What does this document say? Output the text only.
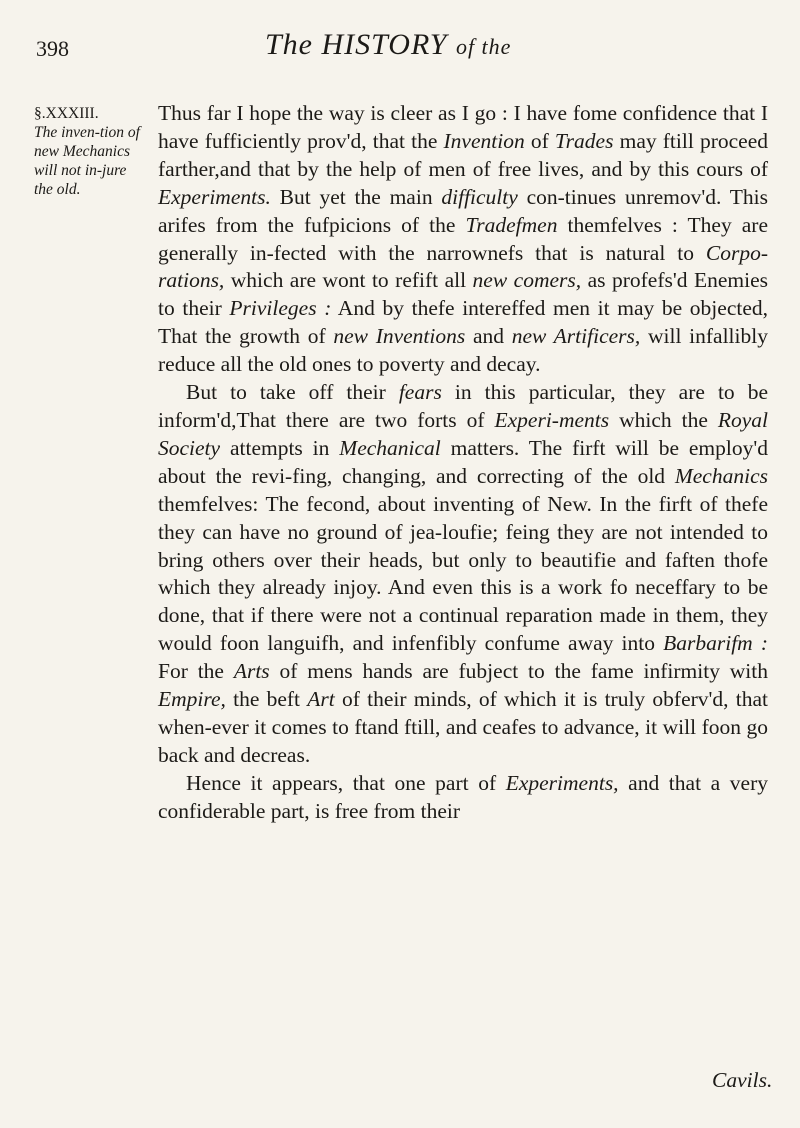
398	The HISTORY of the
§.XXXIII.
The inven-tion of new Mechanics will not in-jure the old.

Thus far I hope the way is cleer as I go : I have fome confidence that I have fufficiently prov'd, that the Invention of Trades may ftill proceed farther,and that by the help of men of free lives, and by this cours of Experiments. But yet the main difficulty con-tinues unremov'd. This arifes from the fufpicions of the Tradefmen themfelves : They are generally in-fected with the narrownefs that is natural to Corpo-rations, which are wont to refift all new comers, as profefs'd Enemies to their Privileges : And by thefe intereffed men it may be objected, That the growth of new Inventions and new Artificers, will infallibly reduce all the old ones to poverty and decay.

But to take off their fears in this particular, they are to be inform'd,That there are two forts of Experi-ments which the Royal Society attempts in Mechanical matters. The firft will be employ'd about the revi-fing, changing, and correcting of the old Mechanics themfelves: The fecond, about inventing of New. In the firft of thefe they can have no ground of jea-loufie; feing they are not intended to bring others over their heads, but only to beautifie and faften thofe which they already injoy. And even this is a work fo neceffary to be done, that if there were not a continual reparation made in them, they would foon languifh, and infenfibly confume away into Barbarifm : For the Arts of mens hands are fubject to the fame infirmity with Empire, the beft Art of their minds, of which it is truly obferv'd, that when-ever it comes to ftand ftill, and ceafes to advance, it will foon go back and decreas.

Hence it appears, that one part of Experiments, and that a very confiderable part, is free from their

Cavils.
